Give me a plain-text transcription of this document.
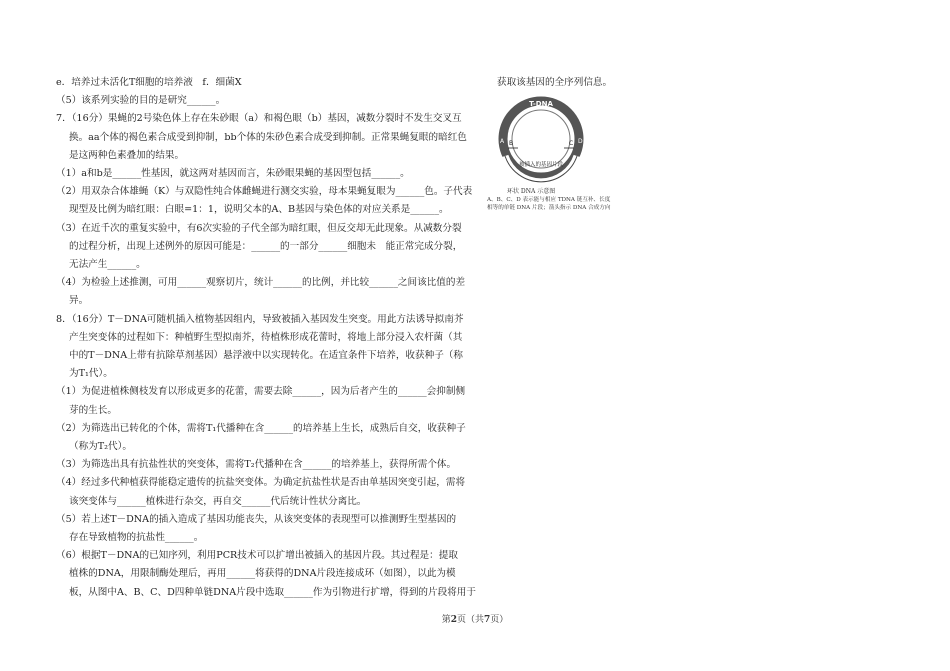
e．培养过未活化T细胞的培养液　f．细菌X
（5）该系列实验的目的是研究______。
7．（16分）果蝇的2号染色体上存在朱砂眼（a）和褐色眼（b）基因，减数分裂时不发生交叉互
换。aa个体的褐色素合成受到抑制，bb个体的朱砂色素合成受到抑制。正常果蝇复眼的暗红色
是这两种色素叠加的结果。
（1）a和b是______性基因，就这两对基因而言，朱砂眼果蝇的基因型包括______。
（2）用双杂合体雄蝇（K）与双隐性纯合体雌蝇进行测交实验，母本果蝇复眼为______色。子代表
现型及比例为暗红眼：白眼=1：1，说明父本的A、B基因与染色体的对应关系是______。
（3）在近千次的重复实验中，有6次实验的子代全部为暗红眼，但反交却无此现象。从减数分裂
的过程分析，出现上述例外的原因可能是：______的一部分______细胞未　能正常完成分裂，
无法产生______。
（4）为检验上述推测，可用______观察切片，统计______的比例，并比较______之间该比值的差
异。
8．（16分）T－DNA可随机插入植物基因组内，导致被插入基因发生突变。用此方法诱导拟南芥
产生突变体的过程如下：种植野生型拟南芥，待植株形成花蕾时，将地上部分浸入农杆菌（其
中的T－DNA上带有抗除草剂基因）悬浮液中以实现转化。在适宜条件下培养，收获种子（称
为T₁代）。
（1）为促进植株侧枝发育以形成更多的花蕾，需要去除______，因为后者产生的______会抑制侧
芽的生长。
（2）为筛选出已转化的个体，需将T₁代播种在含______的培养基上生长，成熟后自交，收获种子
（称为T₂代）。
（3）为筛选出具有抗盐性状的突变体，需将T₂代播种在含______的培养基上，获得所需个体。
（4）经过多代种植获得能稳定遗传的抗盐突变体。为确定抗盐性状是否由单基因突变引起，需将
该突变体与______植株进行杂交，再自交______代后统计性状分离比。
（5）若上述T－DNA的插入造成了基因功能丧失，从该突变体的表现型可以推测野生型基因的
存在导致植物的抗盐性______。
（6）根据T－DNA的已知序列，利用PCR技术可以扩增出被插入的基因片段。其过程是：提取
植株的DNA，用限制酶处理后，再用______将获得的DNA片段连接成环（如图），以此为模
板，从图中A、B、C、D四种单链DNA片段中选取______作为引物进行扩增，得到的片段将用于
获取该基因的全序列信息。
T-DNA
A B	C D
被插入的基因片段
环状 DNA 示意图
A、B、C、D 表示能与相应 TDNA 链互补、长度相等的单链 DNA 片段；箭头指示 DNA 合成方向
第2页（共7页）
